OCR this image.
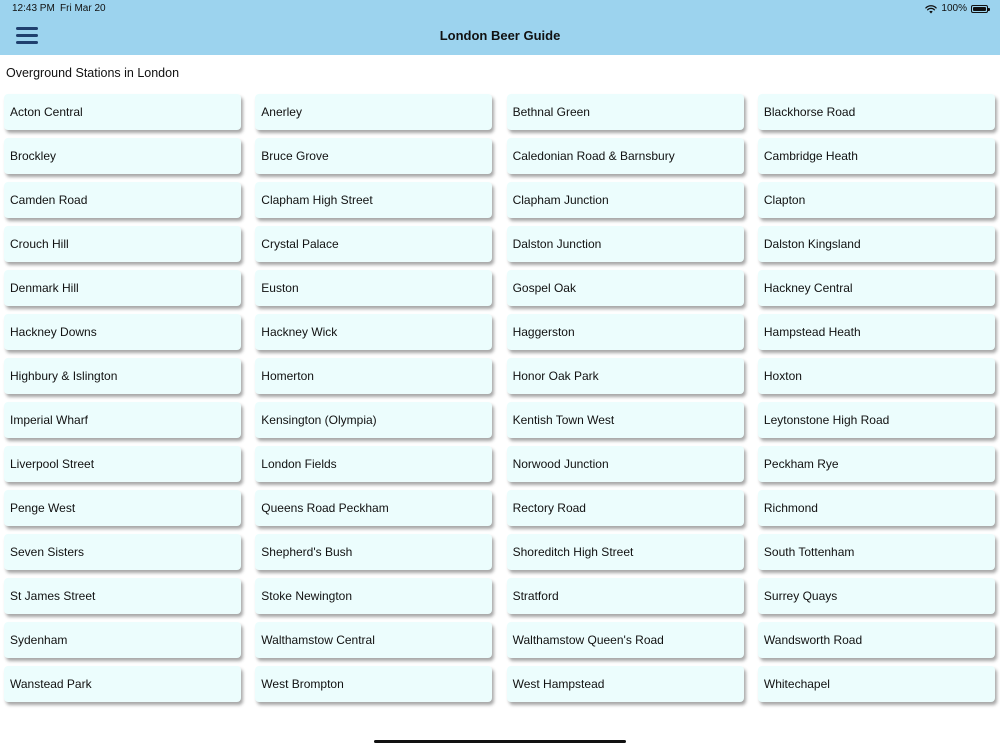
12:43 PM Fri Mar 20	100%
London Beer Guide
Overground Stations in London
Acton Central	Anerley	Bethnal Green	Blackhorse Road
Brockley	Bruce Grove	Caledonian Road & Barnsbury	Cambridge Heath
Camden Road	Clapham High Street	Clapham Junction	Clapton
Crouch Hill	Crystal Palace	Dalston Junction	Dalston Kingsland
Denmark Hill	Euston	Gospel Oak	Hackney Central
Hackney Downs	Hackney Wick	Haggerston	Hampstead Heath
Highbury & Islington	Homerton	Honor Oak Park	Hoxton
Imperial Wharf	Kensington (Olympia)	Kentish Town West	Leytonstone High Road
Liverpool Street	London Fields	Norwood Junction	Peckham Rye
Penge West	Queens Road Peckham	Rectory Road	Richmond
Seven Sisters	Shepherd's Bush	Shoreditch High Street	South Tottenham
St James Street	Stoke Newington	Stratford	Surrey Quays
Sydenham	Walthamstow Central	Walthamstow Queen's Road	Wandsworth Road
Wanstead Park	West Brompton	West Hampstead	Whitechapel
